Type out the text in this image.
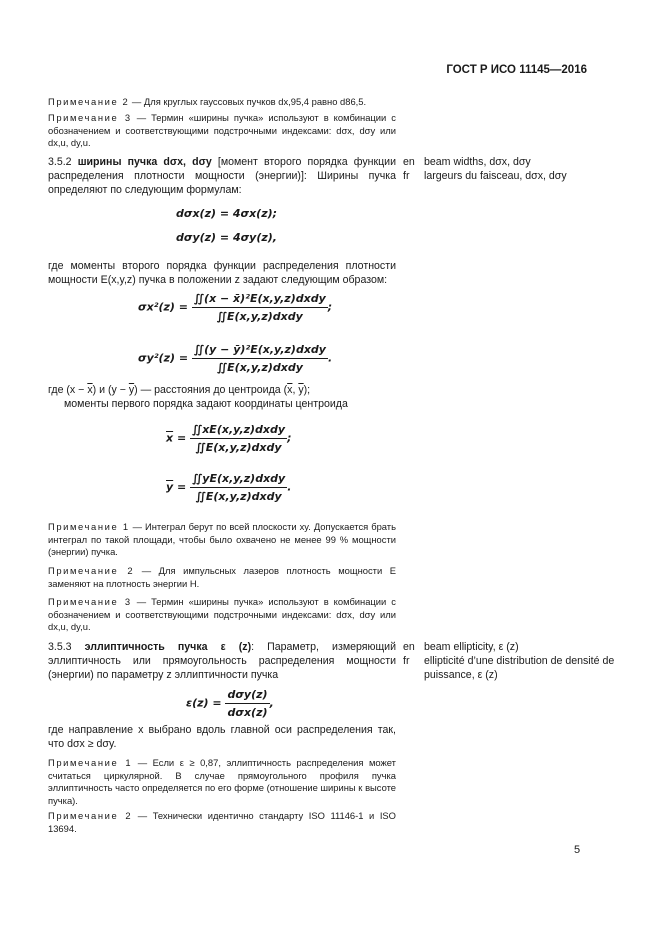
ГОСТ Р ИСО 11145—2016
Примечание 2 — Для круглых гауссовых пучков dx,95,4 равно d86,5.
Примечание 3 — Термин «ширины пучка» используют в комбинации с обозначением и соответствующими подстрочными индексами: dσx, dσy или dx,u, dy,u.
3.5.2 ширины пучка dσx, dσy [момент второго порядка функции распределения плотности мощности (энергии)]: Ширины пучка определяют по следующим формулам:
en beam widths, dσx, dσy
fr largeurs du faisceau, dσx, dσy
dσx(z) = 4σx(z);
dσy(z) = 4σy(z),
где моменты второго порядка функции распределения плотности мощности E(x,y,z) пучка в положении z задают следующим образом:
$\sigma x^2(z) = \frac{\text{∬(x − x̄)²E(x,y,z)dxdy}}{\text{∬E(x,y,z)dxdy}}$ ;
$\sigma y^2(z) = \frac{\text{∬(y − ȳ)²E(x,y,z)dxdy}}{\text{∬E(x,y,z)dxdy}}$ .
где $(x - \overline{x})$ и $(y - \overline{y})$ — расстояния до центроида ($\overline{x}$, $\overline{y}$);
моменты первого порядка задают координаты центроида
$\overline{x} = \frac{\text{∬xE(x,y,z)dxdy}}{\text{∬E(x,y,z)dxdy}}$ ;
$\overline{y} = \frac{\text{∬yE(x,y,z)dxdy}}{\text{∬E(x,y,z)dxdy}}$ .
Примечание 1 — Интеграл берут по всей плоскости xy. Допускается брать интеграл по такой площади, чтобы было охвачено не менее 99 % мощности (энергии) пучка.
Примечание 2 — Для импульсных лазеров плотность мощности E заменяют на плотность энергии H.
Примечание 3 — Термин «ширины пучка» используют в комбинации с обозначением и соответствующими подстрочными индексами: dσx, dσy или dx,u, dy,u.
3.5.3 эллиптичность пучка ε (z): Параметр, измеряющий эллиптичность или прямоугольность распределения мощности (энергии) по параметру z эллиптичности пучка
en beam ellipticity, ε (z)
fr ellipticité d’une distribution de densité de puissance, ε (z)
$\varepsilon(z) = \frac{\text{dσy(z)}}{\text{dσx(z)}}$ ,
где направление x выбрано вдоль главной оси распределения так, что dσx ≥ dσy.
Примечание 1 — Если ε ≥ 0,87, эллиптичность распределения может считаться циркулярной. В случае прямоугольного профиля пучка эллиптичность часто определяется по его форме (отношение ширины к высоте пучка).
Примечание 2 — Технически идентично стандарту ISO 11146-1 и ISO 13694.
5
